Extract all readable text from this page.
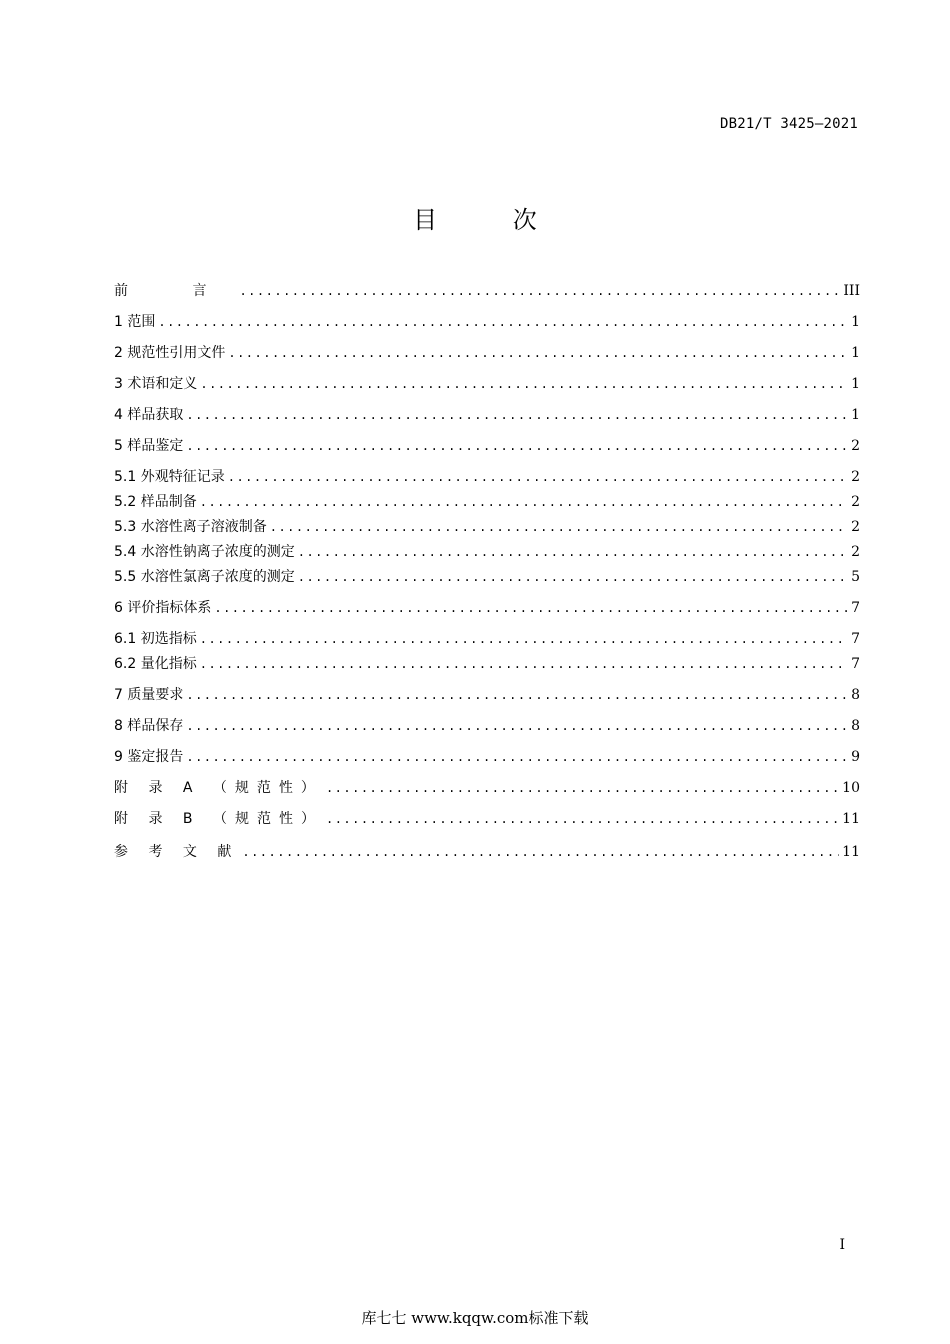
DB21/T 3425—2021
目 次
前 言 .....	III
1 范围 .....	1
2 规范性引用文件 .....	1
3 术语和定义 .....	1
4 样品获取 .....	1
5 样品鉴定 .....	2
5.1 外观特征记录 .....	2
5.2 样品制备 .....	2
5.3 水溶性离子溶液制备 .....	2
5.4 水溶性钠离子浓度的测定 .....	2
5.5 水溶性氯离子浓度的测定 .....	5
6 评价指标体系 .....	7
6.1 初选指标 .....	7
6.2 量化指标 .....	7
7 质量要求 .....	8
8 样品保存 .....	8
9 鉴定报告 .....	9
附 录 A （规范性） .....	10
附 录 B （规范性） .....	11
参 考 文 献 .....	11
I
库七七 www.kqqw.com标准下载
